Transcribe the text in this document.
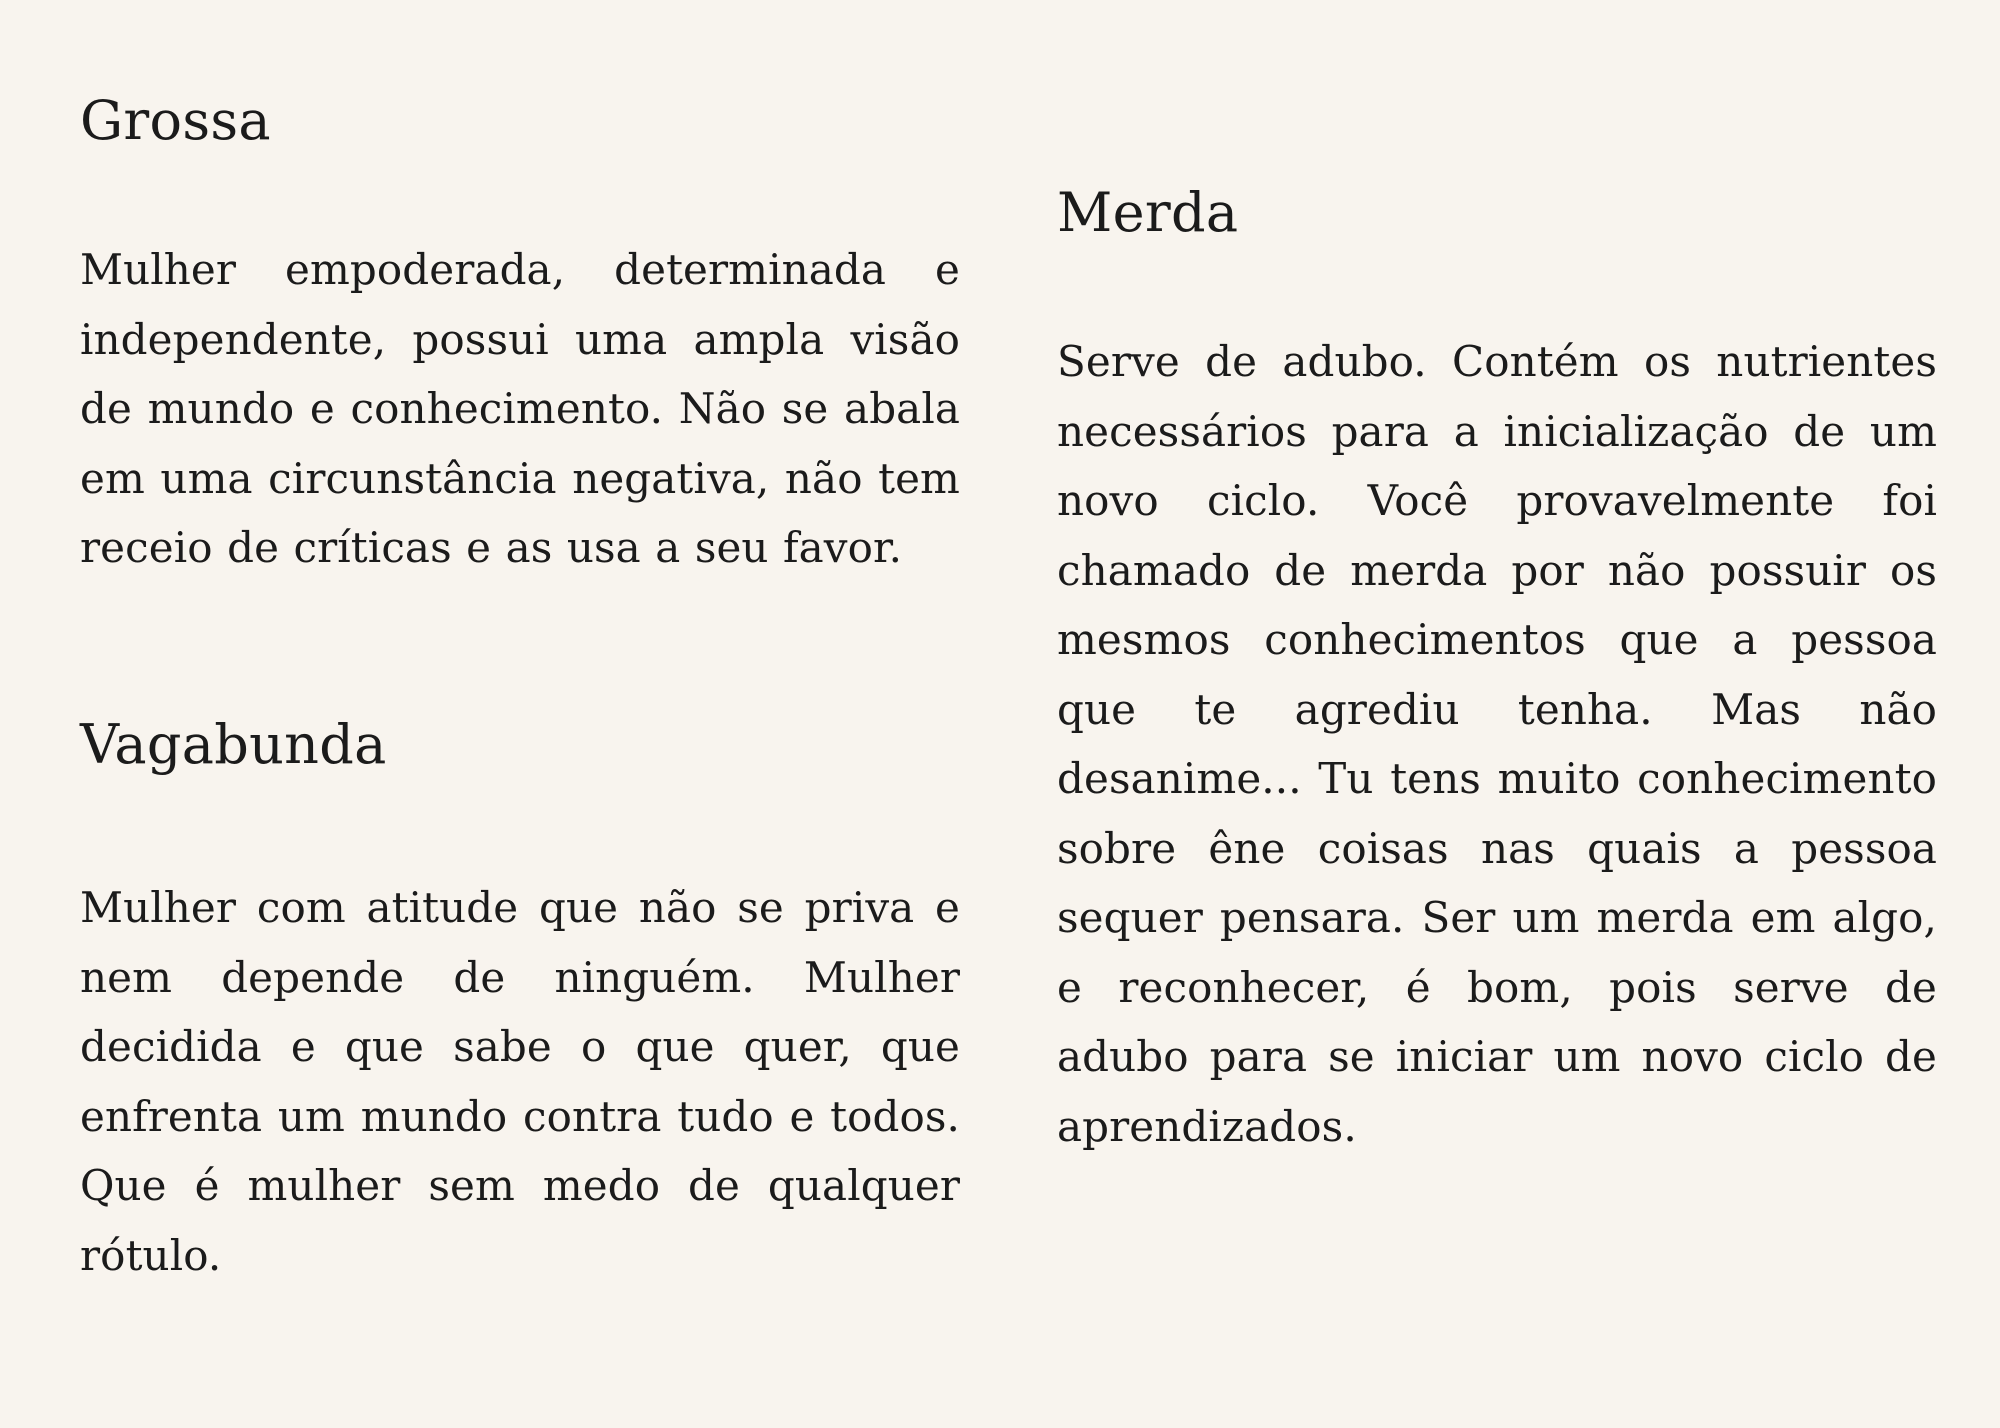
Grossa

Mulher empoderada, determinada e independente, possui uma ampla visão de mundo e conhecimento. Não se abala em uma circunstância negativa, não tem receio de críticas e as usa a seu favor.

Vagabunda

Mulher com atitude que não se priva e nem depende de ninguém. Mulher decidida e que sabe o que quer, que enfrenta um mundo contra tudo e todos. Que é mulher sem medo de qualquer rótulo.

Merda

Serve de adubo. Contém os nutrientes necessários para a inicialização de um novo ciclo. Você provavelmente foi chamado de merda por não possuir os mesmos conhecimentos que a pessoa que te agrediu tenha. Mas não desanime... Tu tens muito conhecimento sobre êne coisas nas quais a pessoa sequer pensara. Ser um merda em algo, e reconhecer, é bom, pois serve de adubo para se iniciar um novo ciclo de aprendizados.
